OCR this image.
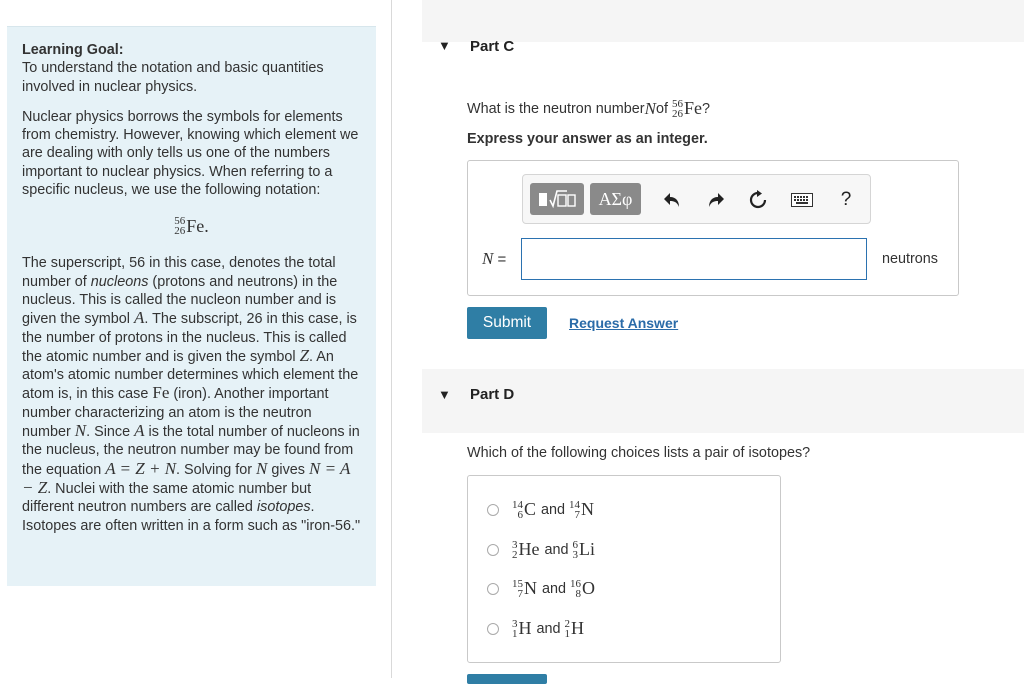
Learning Goal:

To understand the notation and basic quantities involved in nuclear physics.

Nuclear physics borrows the symbols for elements from chemistry. However, knowing which element we are dealing with only tells us one of the numbers important to nuclear physics. When referring to a specific nucleus, we use the following notation:

56
26 Fe .

The superscript, 56 in this case, denotes the total number of nucleons (protons and neutrons) in the nucleus. This is called the nucleon number and is given the symbol A. The subscript, 26 in this case, is the number of protons in the nucleus. This is called the atomic number and is given the symbol Z. An atom's atomic number determines which element the atom is, in this case Fe (iron). Another important number characterizing an atom is the neutron number N. Since A is the total number of nucleons in the nucleus, the neutron number may be found from the equation A = Z + N. Solving for N gives N = A − Z. Nuclei with the same atomic number but different neutron numbers are called isotopes. Isotopes are often written in a form such as "iron-56."

▼ Part C
What is the neutron number N of 56
26 Fe ?
Express your answer as an integer.
ΑΣφ	?
N =	neutrons
Submit	Request Answer
▼ Part D
Which of the following choices lists a pair of isotopes?
14
6 C and 14
7 N
3
2 He and 6
3 Li
15
7 N and 16
8 O
3
1 H and 2
1 H
